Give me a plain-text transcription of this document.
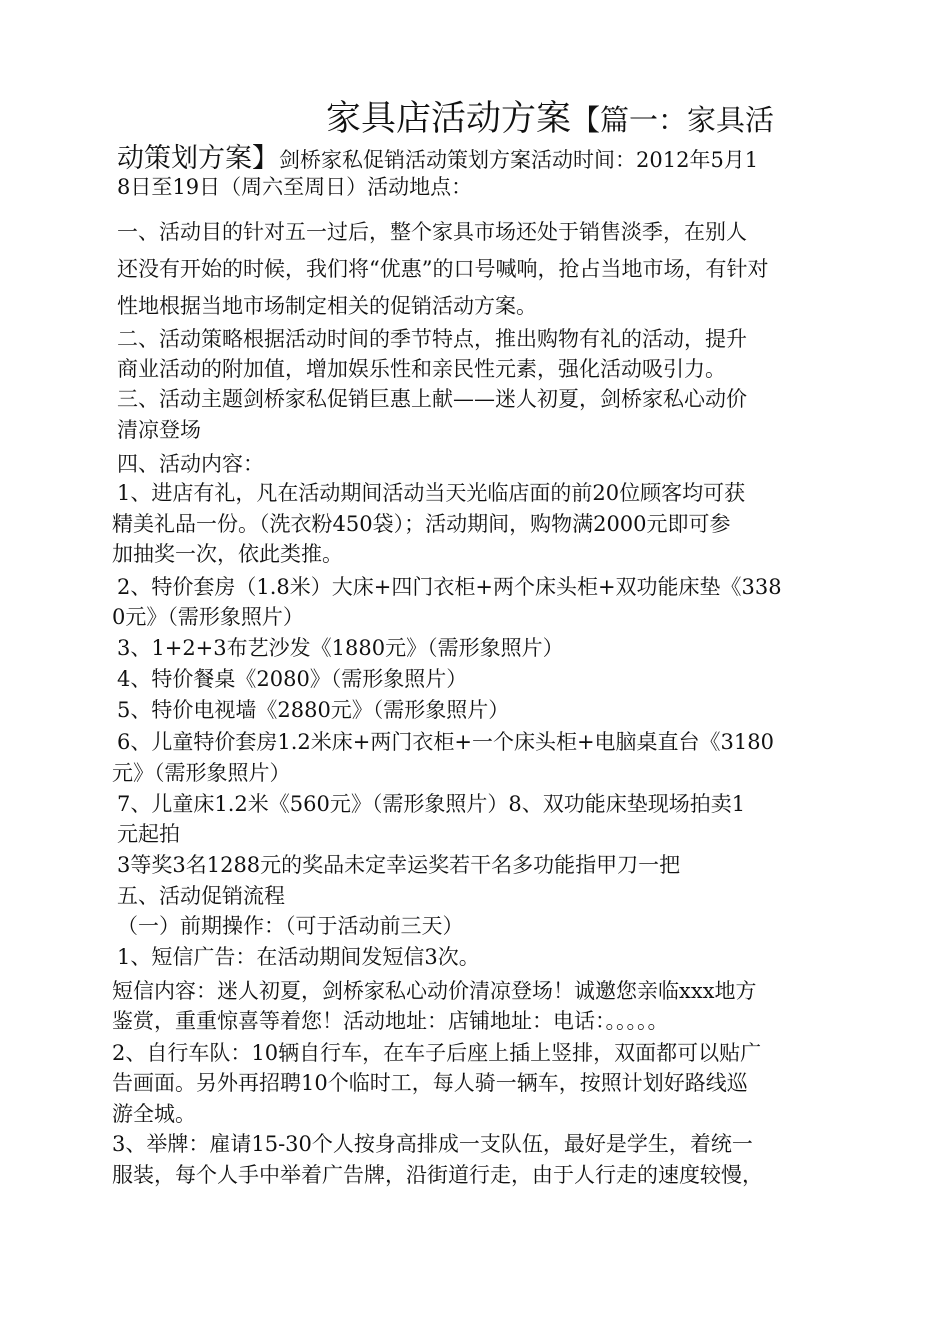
家具店活动方案【篇一：家具活
动策划方案】剑桥家私促销活动策划方案活动时间：2012年5月1
8日至19日（周六至周日）活动地点：
一、活动目的针对五一过后，整个家具市场还处于销售淡季，在别人
还没有开始的时候，我们将“优惠”的口号喊响，抢占当地市场，有针对
性地根据当地市场制定相关的促销活动方案。
二、活动策略根据活动时间的季节特点，推出购物有礼的活动，提升
商业活动的附加值，增加娱乐性和亲民性元素，强化活动吸引力。
三、活动主题剑桥家私促销巨惠上献——迷人初夏，剑桥家私心动价
清凉登场
四、活动内容：
1、进店有礼，凡在活动期间活动当天光临店面的前20位顾客均可获
精美礼品一份。（洗衣粉450袋）；活动期间，购物满2000元即可参
加抽奖一次，依此类推。
2、特价套房（1.8米）大床+四门衣柜+两个床头柜+双功能床垫《338
0元》（需形象照片）
3、1+2+3布艺沙发《1880元》（需形象照片）
4、特价餐桌《2080》（需形象照片）
5、特价电视墙《2880元》（需形象照片）
6、儿童特价套房1.2米床+两门衣柜+一个床头柜+电脑桌直台《3180
元》（需形象照片）
7、儿童床1.2米《560元》（需形象照片）8、双功能床垫现场拍卖1
元起拍
3等奖3名1288元的奖品未定幸运奖若干名多功能指甲刀一把
五、活动促销流程
（一）前期操作：（可于活动前三天）
1、短信广告：在活动期间发短信3次。
短信内容：迷人初夏，剑桥家私心动价清凉登场！诚邀您亲临xxx地方
鉴赏，重重惊喜等着您！活动地址：店铺地址：电话：。。。。。
2、自行车队：10辆自行车，在车子后座上插上竖排，双面都可以贴广
告画面。另外再招聘10个临时工，每人骑一辆车，按照计划好路线巡
游全城。
3、举牌：雇请15-30个人按身高排成一支队伍，最好是学生，着统一
服装，每个人手中举着广告牌，沿街道行走，由于人行走的速度较慢，
